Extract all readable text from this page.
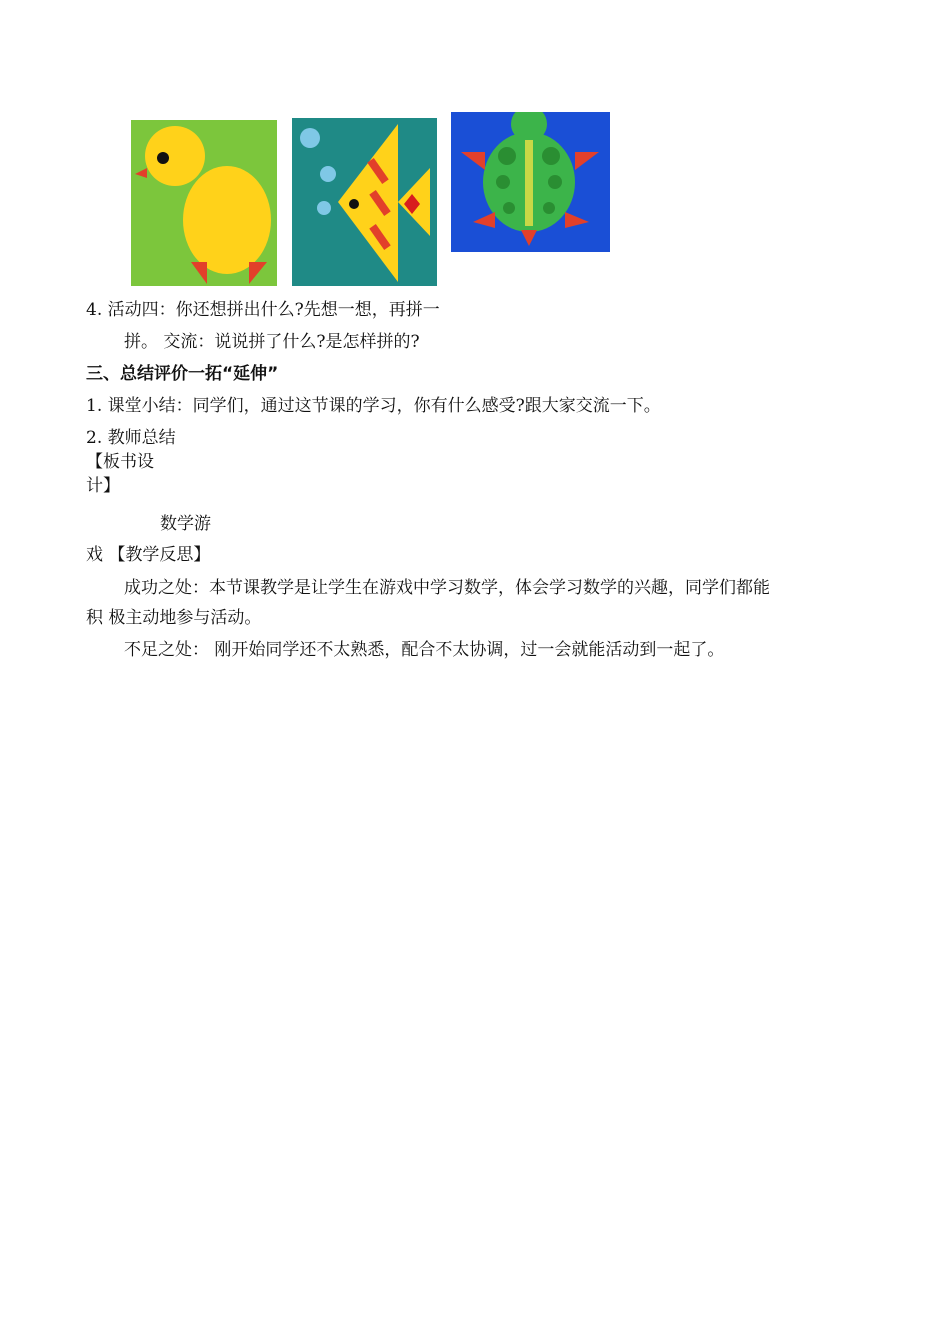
4. 活动四：你还想拼出什么?先想一想，再拼一
拼。 交流：说说拼了什么?是怎样拼的?
三、总结评价一拓“延伸”
1. 课堂小结：同学们，通过这节课的学习，你有什么感受?跟大家交流一下。
2. 教师总结
【板书设
计】
数学游
戏 【教学反思】
成功之处：本节课教学是让学生在游戏中学习数学，体会学习数学的兴趣，同学们都能
积 极主动地参与活动。
不足之处： 刚开始同学还不太熟悉，配合不太协调，过一会就能活动到一起了。
